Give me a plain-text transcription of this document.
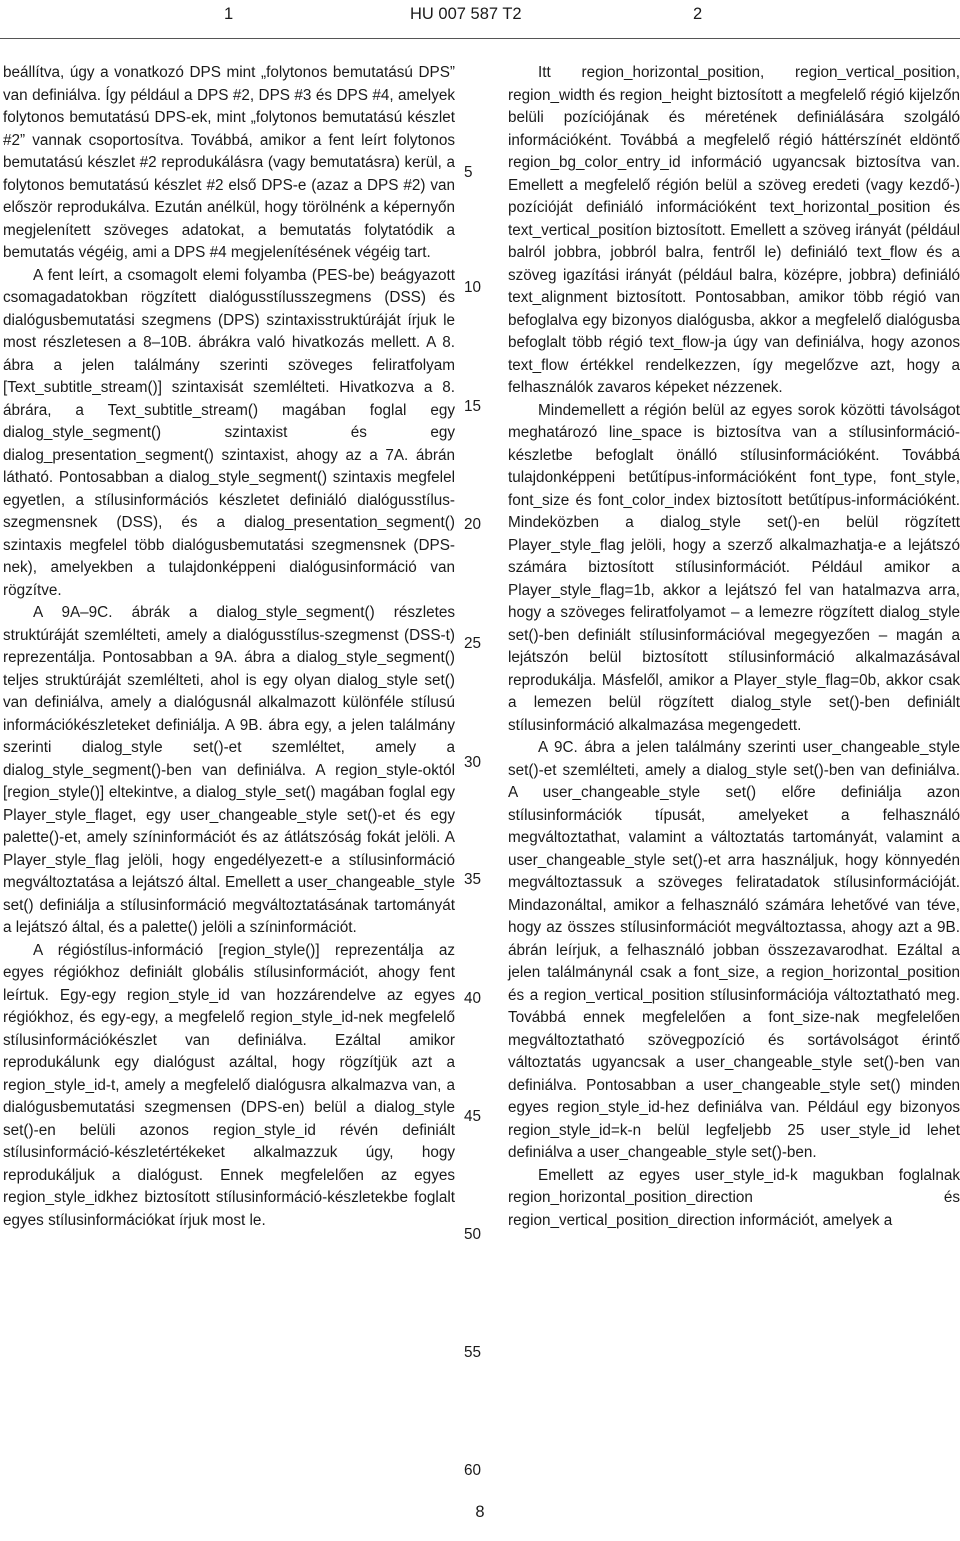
1	HU 007 587 T2	2

beállítva, úgy a vonatkozó DPS mint „folytonos bemutatású DPS” van definiálva. Így például a DPS #2, DPS #3 és DPS #4, amelyek folytonos bemutatású DPS-ek, mint „folytonos bemutatású készlet #2” vannak csoportosítva. Továbbá, amikor a fent leírt folytonos bemutatású készlet #2 reprodukálásra (vagy bemutatásra) kerül, a folytonos bemutatású készlet #2 első DPS-e (azaz a DPS #2) van először reprodukálva. Ezután anélkül, hogy törölnénk a képernyőn megjelenített szöveges adatokat, a bemutatás folytatódik a bemutatás végéig, ami a DPS #4 megjelenítésének végéig tart.

A fent leírt, a csomagolt elemi folyamba (PES-be) beágyazott csomagadatokban rögzített dialógusstílusszegmens (DSS) és dialógusbemutatási szegmens (DPS) szintaxisstruktúráját írjuk le most részletesen a 8–10B. ábrákra való hivatkozás mellett. A 8. ábra a jelen találmány szerinti szöveges feliratfolyam [Text_subtitle_stream()] szintaxisát szemlélteti. Hivatkozva a 8. ábrára, a Text_subtitle_stream() magában foglal egy dialog_style_segment() szintaxist és egy dialog_presentation_segment() szintaxist, ahogy az a 7A. ábrán látható. Pontosabban a dialog_style_segment() szintaxis megfelel egyetlen, a stílusinformációs készletet definiáló dialógusstílus-szegmensnek (DSS), és a dialog_presentation_segment() szintaxis megfelel több dialógusbemutatási szegmensnek (DPS-nek), amelyekben a tulajdonképpeni dialógusinformáció van rögzítve.

A 9A–9C. ábrák a dialog_style_segment() részletes struktúráját szemlélteti, amely a dialógusstílus-szegmenst (DSS-t) reprezentálja. Pontosabban a 9A. ábra a dialog_style_segment() teljes struktúráját szemlélteti, ahol is egy olyan dialog_style set() van definiálva, amely a dialógusnál alkalmazott különféle stílusú információkészleteket definiálja. A 9B. ábra egy, a jelen találmány szerinti dialog_style set()-et szemléltet, amely a dialog_style_segment()-ben van definiálva. A region_style-októl [region_style()] eltekintve, a dialog_style_set() magában foglal egy Player_style_flaget, egy user_changeable_style set()-et és egy palette()-et, amely színinformációt és az átlátszóság fokát jelöli. A Player_style_flag jelöli, hogy engedélyezett-e a stílusinformáció megváltoztatása a lejátszó által. Emellett a user_changeable_style set() definiálja a stílusinformáció megváltoztatásának tartományát a lejátszó által, és a palette() jelöli a színinformációt.

A régióstílus-információ [region_style()] reprezentálja az egyes régiókhoz definiált globális stílusinformációt, ahogy fent leírtuk. Egy-egy region_style_id van hozzárendelve az egyes régiókhoz, és egy-egy, a megfelelő region_style_id-nek megfelelő stílusinformációkészlet van definiálva. Ezáltal amikor reprodukálunk egy dialógust azáltal, hogy rögzítjük azt a region_style_id-t, amely a megfelelő dialógusra alkalmazva van, a dialógusbemutatási szegmensen (DPS-en) belül a dialog_style set()-en belüli azonos region_style_id révén definiált stílusinformáció-készletértékeket alkalmazzuk úgy, hogy reprodukáljuk a dialógust. Ennek megfelelően az egyes region_style_idkhez biztosított stílusinformáció-készletekbe foglalt egyes stílusinformációkat írjuk most le.

5
10
15
20
25
30
35
40
45
50
55
60

Itt region_horizontal_position, region_vertical_position, region_width és region_height biztosított a megfelelő régió kijelzőn belüli pozíciójának és méretének definiálására szolgáló információként. Továbbá a megfelelő régió háttérszínét eldöntő region_bg_color_entry_id információ ugyancsak biztosítva van. Emellett a megfelelő régión belül a szöveg eredeti (vagy kezdő-) pozícióját definiáló információként text_horizontal_position és text_vertical_positíon biztosított. Emellett a szöveg irányát (például balról jobbra, jobbról balra, fentről le) definiáló text_flow és a szöveg igazítási irányát (például balra, középre, jobbra) definiáló text_alignment biztosított. Pontosabban, amikor több régió van befoglalva egy bizonyos dialógusba, akkor a megfelelő dialógusba befoglalt több régió text_flow-ja úgy van definiálva, hogy azonos text_flow értékkel rendelkezzen, így megelőzve azt, hogy a felhasználók zavaros képeket nézzenek.

Mindemellett a régión belül az egyes sorok közötti távolságot meghatározó line_space is biztosítva van a stílusinformáció-készletbe befoglalt önálló stílusinformációként. Továbbá tulajdonképpeni betűtípus-információként font_type, font_style, font_size és font_color_index biztosított betűtípus-információként. Mindeközben a dialog_style set()-en belül rögzített Player_style_flag jelöli, hogy a szerző alkalmazhatja-e a lejátszó számára biztosított stílusinformációt. Például amikor a Player_style_flag=1b, akkor a lejátszó fel van hatalmazva arra, hogy a szöveges feliratfolyamot – a lemezre rögzített dialog_style set()-ben definiált stílusinformációval megegyezően – magán a lejátszón belül biztosított stílusinformáció alkalmazásával reprodukálja. Másfelől, amikor a Player_style_flag=0b, akkor csak a lemezen belül rögzített dialog_style set()-ben definiált stílusinformáció alkalmazása megengedett.

A 9C. ábra a jelen találmány szerinti user_changeable_style set()-et szemlélteti, amely a dialog_style set()-ben van definiálva. A user_changeable_style set() előre definiálja azon stílusinformációk típusát, amelyeket a felhasználó megváltoztathat, valamint a változtatás tartományát, valamint a user_changeable_style set()-et arra használjuk, hogy könnyedén megváltoztassuk a szöveges feliratadatok stílusinformációját. Mindazonáltal, amikor a felhasználó számára lehetővé van téve, hogy az összes stílusinformációt megváltoztassa, ahogy azt a 9B. ábrán leírjuk, a felhasználó jobban összezavarodhat. Ezáltal a jelen találmánynál csak a font_size, a region_horizontal_position és a region_vertical_position stílusinformációja változtatható meg. Továbbá ennek megfelelően a font_size-nak megfelelően megváltoztatható szövegpozíció és sortávolságot érintő változtatás ugyancsak a user_changeable_style set()-ben van definiálva. Pontosabban a user_changeable_style set() minden egyes region_style_id-hez definiálva van. Például egy bizonyos region_style_id=k-n belül legfeljebb 25 user_style_id lehet definiálva a user_changeable_style set()-ben.

Emellett az egyes user_style_id-k magukban foglalnak region_horizontal_position_direction és region_vertical_position_direction információt, amelyek a

8
